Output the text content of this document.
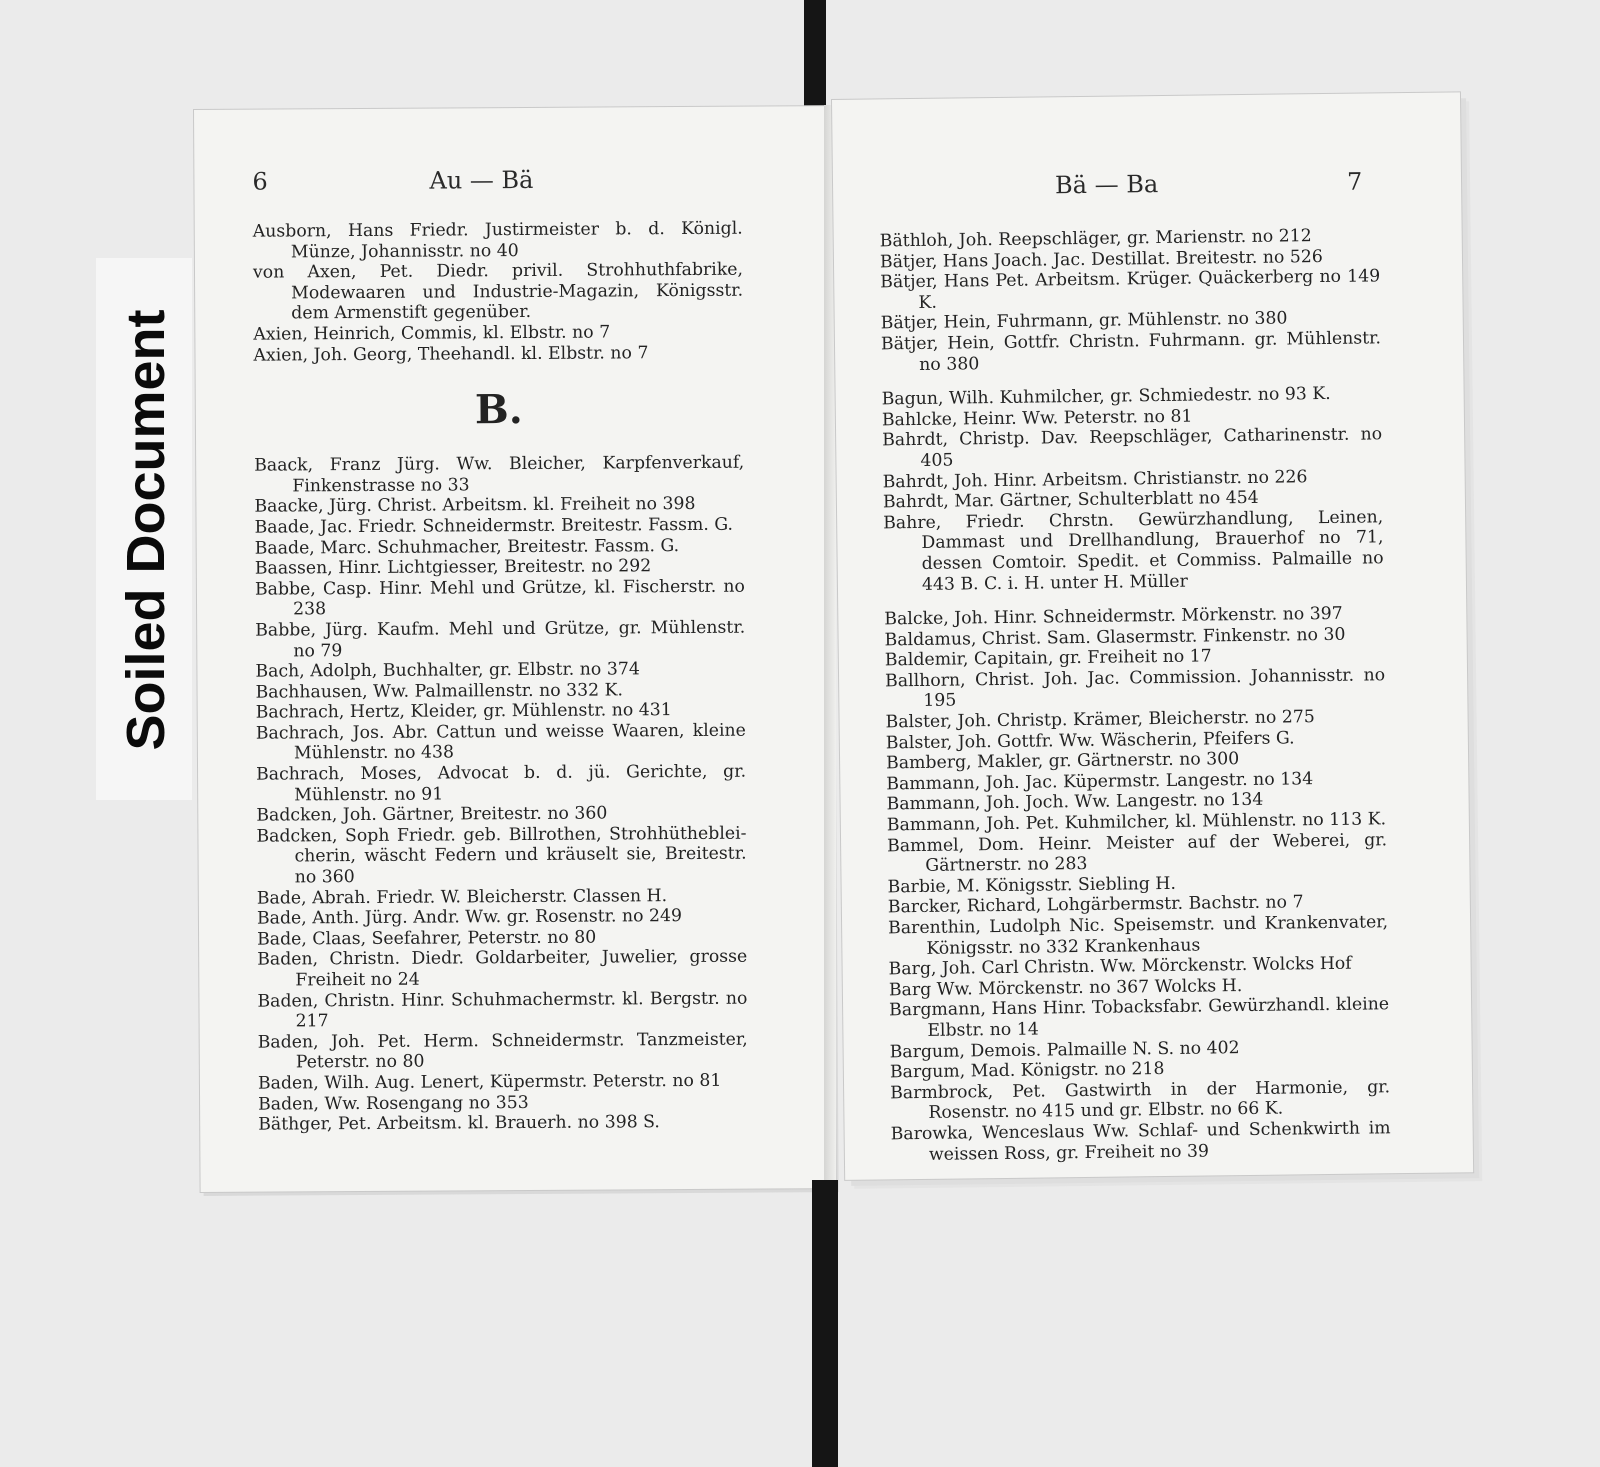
6	Au — Bä

Ausborn, Hans Friedr. Justirmeister b. d. Königl. Münze, Johannisstr. no 40

von Axen, Pet. Diedr. privil. Strohhuthfabrike, Modewaaren und Industrie-Magazin, Königsstr. dem Armenstift gegenüber.

Axien, Heinrich, Commis, kl. Elbstr. no 7

Axien, Joh. Georg, Theehandl. kl. Elbstr. no 7

B.

Baack, Franz Jürg. Ww. Bleicher, Karpfenverkauf, Finkenstrasse no 33

Baacke, Jürg. Christ. Arbeitsm. kl. Freiheit no 398

Baade, Jac. Friedr. Schneidermstr. Breitestr. Fassm. G.

Baade, Marc. Schuhmacher, Breitestr. Fassm. G.

Baassen, Hinr. Lichtgiesser, Breitestr. no 292

Babbe, Casp. Hinr. Mehl und Grütze, kl. Fischerstr. no 238

Babbe, Jürg. Kaufm. Mehl und Grütze, gr. Mühlenstr. no 79

Bach, Adolph, Buchhalter, gr. Elbstr. no 374

Bachhausen, Ww. Palmaillenstr. no 332 K.

Bachrach, Hertz, Kleider, gr. Mühlenstr. no 431

Bachrach, Jos. Abr. Cattun und weisse Waaren, kleine Mühlenstr. no 438

Bachrach, Moses, Advocat b. d. jü. Gerichte, gr. Mühlenstr. no 91

Badcken, Joh. Gärtner, Breitestr. no 360

Badcken, Soph Friedr. geb. Billrothen, Strohhütheblei-cherin, wäscht Federn und kräuselt sie, Breitestr. no 360

Bade, Abrah. Friedr. W. Bleicherstr. Classen H.

Bade, Anth. Jürg. Andr. Ww. gr. Rosenstr. no 249

Bade, Claas, Seefahrer, Peterstr. no 80

Baden, Christn. Diedr. Goldarbeiter, Juwelier, grosse Freiheit no 24

Baden, Christn. Hinr. Schuhmachermstr. kl. Bergstr. no 217

Baden, Joh. Pet. Herm. Schneidermstr. Tanzmeister, Peterstr. no 80

Baden, Wilh. Aug. Lenert, Küpermstr. Peterstr. no 81

Baden, Ww. Rosengang no 353

Bäthger, Pet. Arbeitsm. kl. Brauerh. no 398 S.

Bä — Ba	7

Bäthloh, Joh. Reepschläger, gr. Marienstr. no 212

Bätjer, Hans Joach. Jac. Destillat. Breitestr. no 526

Bätjer, Hans Pet. Arbeitsm. Krüger. Quäckerberg no 149 K.

Bätjer, Hein, Fuhrmann, gr. Mühlenstr. no 380

Bätjer, Hein, Gottfr. Christn. Fuhrmann. gr. Mühlenstr. no 380

Bagun, Wilh. Kuhmilcher, gr. Schmiedestr. no 93 K.

Bahlcke, Heinr. Ww. Peterstr. no 81

Bahrdt, Christp. Dav. Reepschläger, Catharinenstr. no 405

Bahrdt, Joh. Hinr. Arbeitsm. Christianstr. no 226

Bahrdt, Mar. Gärtner, Schulterblatt no 454

Bahre, Friedr. Chrstn. Gewürzhandlung, Leinen, Dammast und Drellhandlung, Brauerhof no 71, dessen Comtoir. Spedit. et Commiss. Palmaille no 443 B. C. i. H. unter H. Müller

Balcke, Joh. Hinr. Schneidermstr. Mörkenstr. no 397

Baldamus, Christ. Sam. Glasermstr. Finkenstr. no 30

Baldemir, Capitain, gr. Freiheit no 17

Ballhorn, Christ. Joh. Jac. Commission. Johannisstr. no 195

Balster, Joh. Christp. Krämer, Bleicherstr. no 275

Balster, Joh. Gottfr. Ww. Wäscherin, Pfeifers G.

Bamberg, Makler, gr. Gärtnerstr. no 300

Bammann, Joh. Jac. Küpermstr. Langestr. no 134

Bammann, Joh. Joch. Ww. Langestr. no 134

Bammann, Joh. Pet. Kuhmilcher, kl. Mühlenstr. no 113 K.

Bammel, Dom. Heinr. Meister auf der Weberei, gr. Gärtnerstr. no 283

Barbie, M. Königsstr. Siebling H.

Barcker, Richard, Lohgärbermstr. Bachstr. no 7

Barenthin, Ludolph Nic. Speisemstr. und Krankenvater, Königsstr. no 332 Krankenhaus

Barg, Joh. Carl Christn. Ww. Mörckenstr. Wolcks Hof

Barg Ww. Mörckenstr. no 367 Wolcks H.

Bargmann, Hans Hinr. Tobacksfabr. Gewürzhandl. kleine Elbstr. no 14

Bargum, Demois. Palmaille N. S. no 402

Bargum, Mad. Königstr. no 218

Barmbrock, Pet. Gastwirth in der Harmonie, gr. Rosenstr. no 415 und gr. Elbstr. no 66 K.

Barowka, Wenceslaus Ww. Schlaf- und Schenkwirth im weissen Ross, gr. Freiheit no 39

Soiled Document
